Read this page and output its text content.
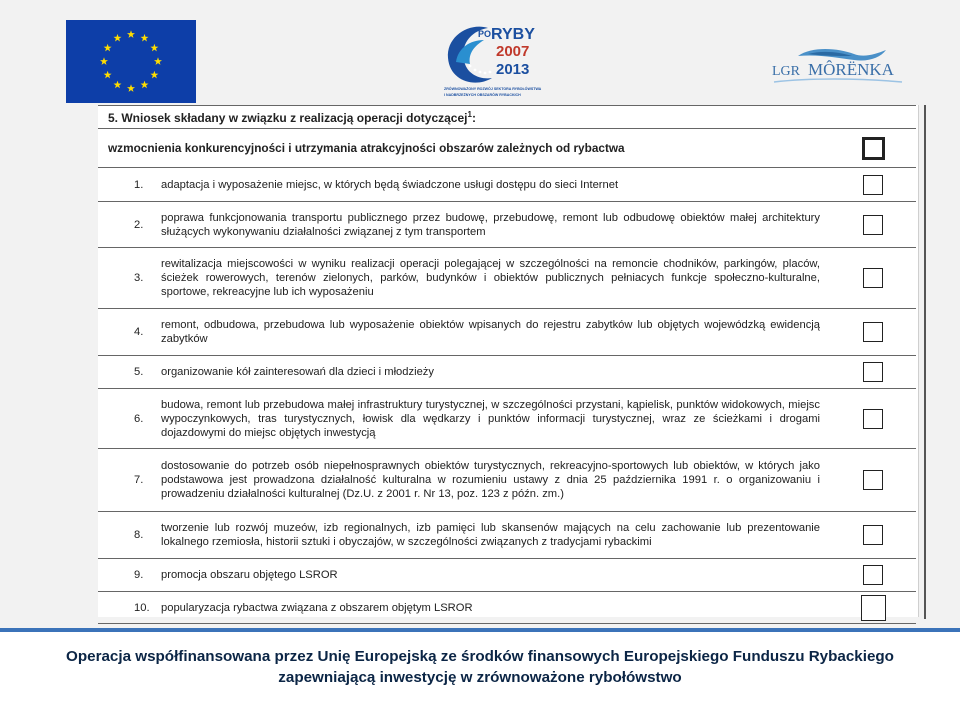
PO RYBY
2007
2013
ZRÓWNOWAŻONY ROZWÓJ SEKTORA RYBOŁÓWSTWA
I NADBRZEŻNYCH OBSZARÓW RYBACKICH
LGR MÔRËNKA
5. Wniosek składany w związku z realizacją operacji dotyczącej$^1$:		
wzmocnienia konkurencyjności i utrzymania atrakcyjności obszarów zależnych od rybactwa		
1.	adaptacja i wyposażenie miejsc, w których będą świadczone usługi dostępu do sieci Internet	
2.	poprawa funkcjonowania transportu publicznego przez budowę, przebudowę, remont lub odbudowę obiektów małej architektury służących wykonywaniu działalności związanej z tym transportem	
3.	rewitalizacja miejscowości w wyniku realizacji operacji polegającej w szczególności na remoncie chodników, parkingów, placów, ścieżek rowerowych, terenów zielonych, parków, budynków i obiektów publicznych pełniacych funkcje społeczno-kulturalne, sportowe, rekreacyjne lub ich wyposażeniu	
4.	remont, odbudowa, przebudowa lub wyposażenie obiektów wpisanych do rejestru zabytków lub objętych wojewódzką ewidencją zabytków	
5.	organizowanie kół zainteresowań dla dzieci i młodzieży	
6.	budowa, remont lub przebudowa małej infrastruktury turystycznej, w szczególności przystani, kąpielisk, punktów widokowych, miejsc wypoczynkowych, tras turystycznych, łowisk dla wędkarzy i punktów informacji turystycznej, wraz ze ścieżkami i drogami dojazdowymi do miejsc objętych inwestycją	
7.	dostosowanie do potrzeb osób niepełnosprawnych obiektów turystycznych, rekreacyjno-sportowych lub obiektów, w których jako podstawowa jest prowadzona działalność kulturalna w rozumieniu ustawy z dnia 25 października 1991 r. o organizowaniu i prowadzeniu działalności kulturalnej (Dz.U. z 2001 r. Nr 13, poz. 123 z późn. zm.)	
8.	tworzenie lub rozwój muzeów, izb regionalnych, izb pamięci lub skansenów mających na celu zachowanie lub prezentowanie lokalnego rzemiosła, historii sztuki i obyczajów, w szczególności związanych z tradycjami rybackimi	
9.	promocja obszaru objętego LSROR	
10.	popularyzacja rybactwa związana z obszarem objętym LSROR	
Operacja współfinansowana przez Unię Europejską ze środków finansowych Europejskiego Funduszu Rybackiego
zapewniającą inwestycję w zrównoważone rybołówstwo
